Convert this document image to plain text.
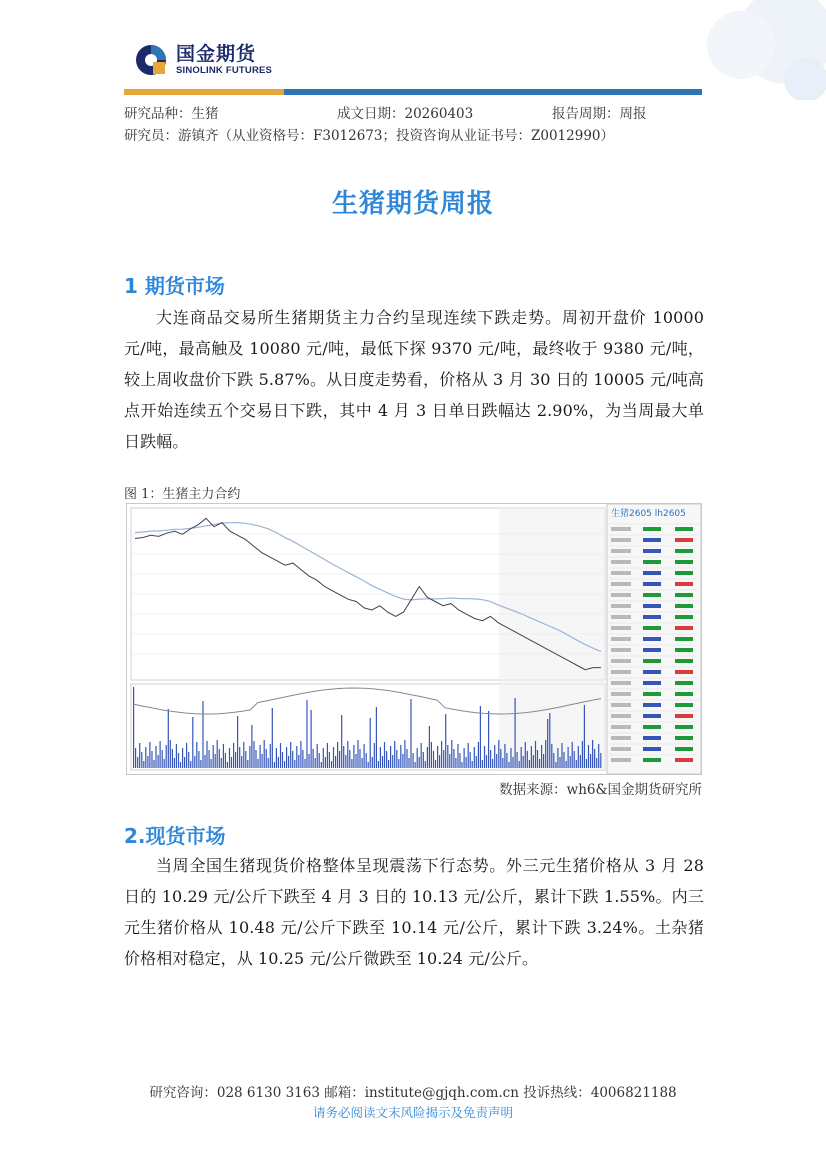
国金期货
SINOLINK FUTURES
研究品种：生猪	成文日期：20260403	报告周期：周报
研究员：游镇齐（从业资格号：F3012673；投资咨询从业证书号：Z0012990）
生猪期货周报
1 期货市场
大连商品交易所生猪期货主力合约呈现连续下跌走势。周初开盘价 10000 元/吨，最高触及 10080 元/吨，最低下探 9370 元/吨，最终收于 9380 元/吨，较上周收盘价下跌 5.87%。从日度走势看，价格从 3 月 30 日的 10005 元/吨高点开始连续五个交易日下跌，其中 4 月 3 日单日跌幅达 2.90%，为当周最大单日跌幅。
图 1：生猪主力合约
生猪2605 lh2605
数据来源：wh6&国金期货研究所
2.现货市场
当周全国生猪现货价格整体呈现震荡下行态势。外三元生猪价格从 3 月 28 日的 10.29 元/公斤下跌至 4 月 3 日的 10.13 元/公斤，累计下跌 1.55%。内三元生猪价格从 10.48 元/公斤下跌至 10.14 元/公斤，累计下跌 3.24%。土杂猪价格相对稳定，从 10.25 元/公斤微跌至 10.24 元/公斤。
研究咨询：028 6130 3163 邮箱：institute@gjqh.com.cn 投诉热线：4006821188
请务必阅读文末风险揭示及免责声明
